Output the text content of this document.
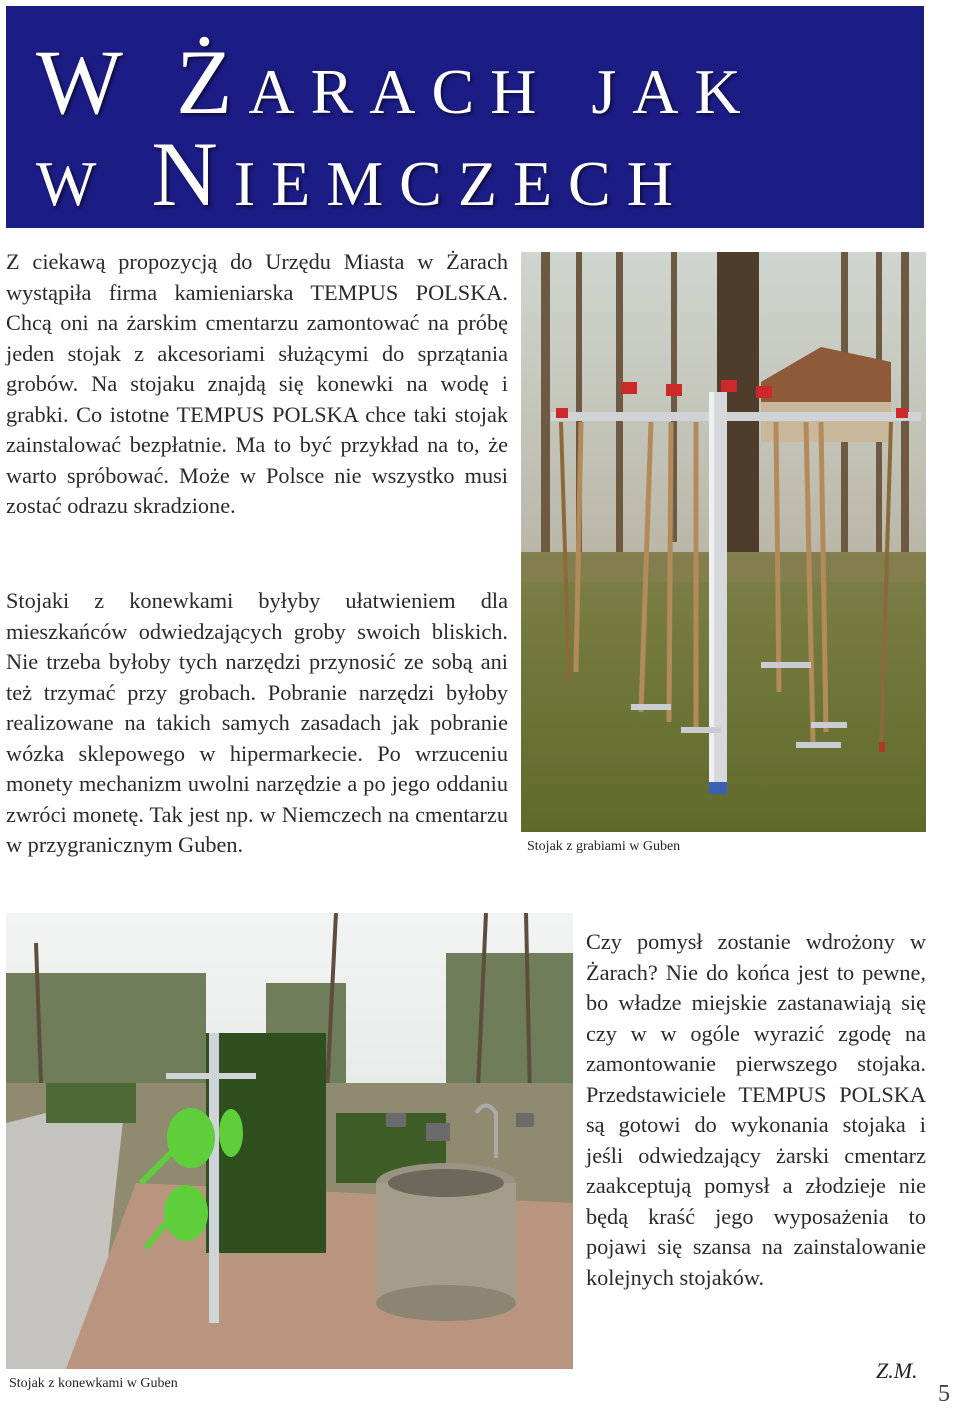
W Żarach jak
w Niemczech

Z ciekawą propozycją do Urzędu Miasta w Żarach wystąpiła firma kamieniarska TEMPUS POLSKA. Chcą oni na żarskim cmentarzu zamontować na próbę jeden stojak z akcesoriami służącymi do sprzątania grobów. Na stojaku znajdą się konewki na wodę i grabki. Co istotne TEMPUS POLSKA chce taki stojak zainstalować bezpłatnie. Ma to być przykład na to, że warto spróbować. Może w Polsce nie wszystko musi zostać odrazu skradzione.

Stojaki z konewkami byłyby ułatwieniem dla mieszkańców odwiedzających groby swoich bliskich. Nie trzeba byłoby tych narzędzi przynosić ze sobą ani też trzymać przy grobach. Pobranie narzędzi byłoby realizowane na takich samych zasadach jak pobranie wózka sklepowego w hipermarkecie. Po wrzuceniu monety mechanizm uwolni narzędzie a po jego oddaniu zwróci monetę. Tak jest np. w Niemczech na cmentarzu w przygranicznym Guben.

Czy pomysł zostanie wdrożony w Żarach? Nie do końca jest to pewne, bo władze miejskie zastanawiają się czy w w ogóle wyrazić zgodę na zamontowanie pierwszego stojaka. Przedstawiciele TEMPUS POLSKA są gotowi do wykonania stojaka i jeśli odwiedzający żarski cmentarz zaakceptują pomysł a złodzieje nie będą kraść jego wyposażenia to pojawi się szansa na zainstalowanie kolejnych stojaków.

Stojak z grabiami w Guben
Stojak z konewkami w Guben
Z.M.
5
